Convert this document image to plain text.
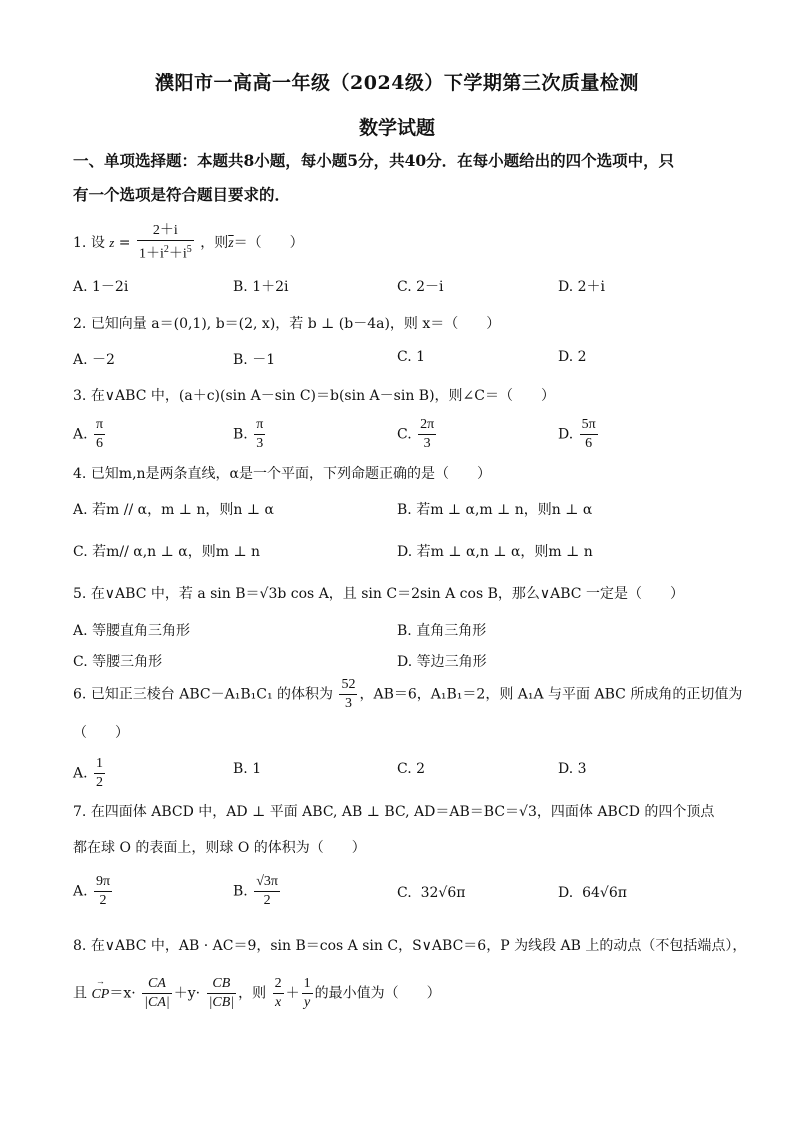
濮阳市一高高一年级（2024级）下学期第三次质量检测
数学试题
一、单项选择题：本题共8小题，每小题5分，共40分．在每小题给出的四个选项中，只
有一个选项是符合题目要求的．
1. 设 $z = \frac{2+i}{1+i^2+i^5}$ ，则$\overline{z}=$（　　）
A. 1－2i	B. 1＋2i	C. 2－i	D. 2＋i
2. 已知向量 a＝(0,1), b＝(2, x)，若 b ⊥ (b－4a)，则 x＝（　　）
A. －2	B. －1	C. 1	D. 2
3. 在∨ABC 中，(a＋c)(sin A－sin C)＝b(sin A－sin B)，则∠C＝（　　）
A. $\frac{\pi}{6}$	B. $\frac{\pi}{3}$	C. $\frac{2\pi}{3}$	D. $\frac{5\pi}{6}$
4. 已知m,n是两条直线，α是一个平面，下列命题正确的是（　　）
A. 若m // α，m ⊥ n，则n ⊥ α	B. 若m ⊥ α,m ⊥ n，则n ⊥ α
C. 若m// α,n ⊥ α，则m ⊥ n	D. 若m ⊥ α,n ⊥ α，则m ⊥ n
5. 在∨ABC 中，若 a sin B＝√3b cos A，且 sin C＝2sin A cos B，那么∨ABC 一定是（　　）
A. 等腰直角三角形	B. 直角三角形
C. 等腰三角形	D. 等边三角形
6. 已知正三棱台 ABC－A₁B₁C₁ 的体积为 $\frac{52}{3}$ ，AB＝6，A₁B₁＝2，则 A₁A 与平面 ABC 所成角的正切值为
（　　）
A. $\frac{1}{2}$	B. 1	C. 2	D. 3
7. 在四面体 ABCD 中，AD ⊥ 平面 ABC, AB ⊥ BC, AD＝AB＝BC＝√3，四面体 ABCD 的四个顶点
都在球 O 的表面上，则球 O 的体积为（　　）
A. $\frac{9\pi}{2}$	B. $\frac{√3\pi}{2}$	C. 32√6π	D. 64√6π
8. 在∨ABC 中，AB · AC＝9，sin B＝cos A sin C，S∨ABC＝6，P 为线段 AB 上的动点（不包括端点），
且 → $CP=x\cdot \frac{CA}{|CA|} +y\cdot \frac{CB}{|CB|}$ ，则 $\frac{2}{x} + \frac{1}{y}$ 的最小值为（　　）
